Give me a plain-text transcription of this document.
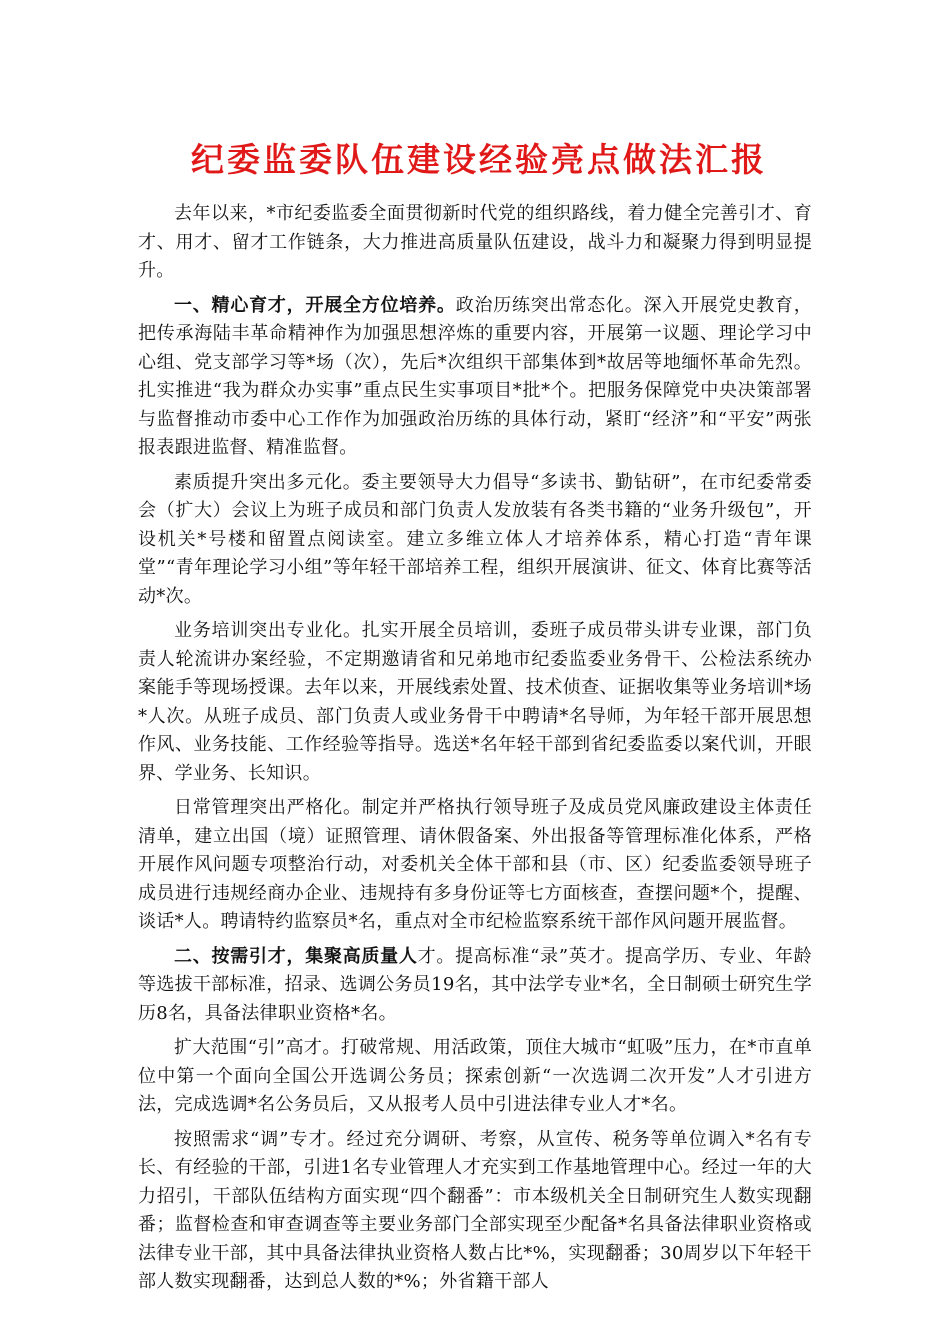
纪委监委队伍建设经验亮点做法汇报

去年以来，*市纪委监委全面贯彻新时代党的组织路线，着力健全完善引才、育才、用才、留才工作链条，大力推进高质量队伍建设，战斗力和凝聚力得到明显提升。

一、精心育才，开展全方位培养。政治历练突出常态化。深入开展党史教育，把传承海陆丰革命精神作为加强思想淬炼的重要内容，开展第一议题、理论学习中心组、党支部学习等*场（次），先后*次组织干部集体到*故居等地缅怀革命先烈。扎实推进“我为群众办实事”重点民生实事项目*批*个。把服务保障党中央决策部署与监督推动市委中心工作作为加强政治历练的具体行动，紧盯“经济”和“平安”两张报表跟进监督、精准监督。

素质提升突出多元化。委主要领导大力倡导“多读书、勤钻研”，在市纪委常委会（扩大）会议上为班子成员和部门负责人发放装有各类书籍的“业务升级包”，开设机关*号楼和留置点阅读室。建立多维立体人才培养体系，精心打造“青年课堂”“青年理论学习小组”等年轻干部培养工程，组织开展演讲、征文、体育比赛等活动*次。

业务培训突出专业化。扎实开展全员培训，委班子成员带头讲专业课，部门负责人轮流讲办案经验，不定期邀请省和兄弟地市纪委监委业务骨干、公检法系统办案能手等现场授课。去年以来，开展线索处置、技术侦查、证据收集等业务培训*场*人次。从班子成员、部门负责人或业务骨干中聘请*名导师，为年轻干部开展思想作风、业务技能、工作经验等指导。选送*名年轻干部到省纪委监委以案代训，开眼界、学业务、长知识。

日常管理突出严格化。制定并严格执行领导班子及成员党风廉政建设主体责任清单，建立出国（境）证照管理、请休假备案、外出报备等管理标准化体系，严格开展作风问题专项整治行动，对委机关全体干部和县（市、区）纪委监委领导班子成员进行违规经商办企业、违规持有多身份证等七方面核查，查摆问题*个，提醒、谈话*人。聘请特约监察员*名，重点对全市纪检监察系统干部作风问题开展监督。

二、按需引才，集聚高质量人才。提高标准“录”英才。提高学历、专业、年龄等选拔干部标准，招录、选调公务员19名，其中法学专业*名，全日制硕士研究生学历8名，具备法律职业资格*名。

扩大范围“引”高才。打破常规、用活政策，顶住大城市“虹吸”压力，在*市直单位中第一个面向全国公开选调公务员；探索创新“一次选调二次开发”人才引进方法，完成选调*名公务员后，又从报考人员中引进法律专业人才*名。

按照需求“调”专才。经过充分调研、考察，从宣传、税务等单位调入*名有专长、有经验的干部，引进1名专业管理人才充实到工作基地管理中心。经过一年的大力招引，干部队伍结构方面实现“四个翻番”：市本级机关全日制研究生人数实现翻番；监督检查和审查调查等主要业务部门全部实现至少配备*名具备法律职业资格或法律专业干部，其中具备法律执业资格人数占比*%，实现翻番；30周岁以下年轻干部人数实现翻番，达到总人数的*%；外省籍干部人
